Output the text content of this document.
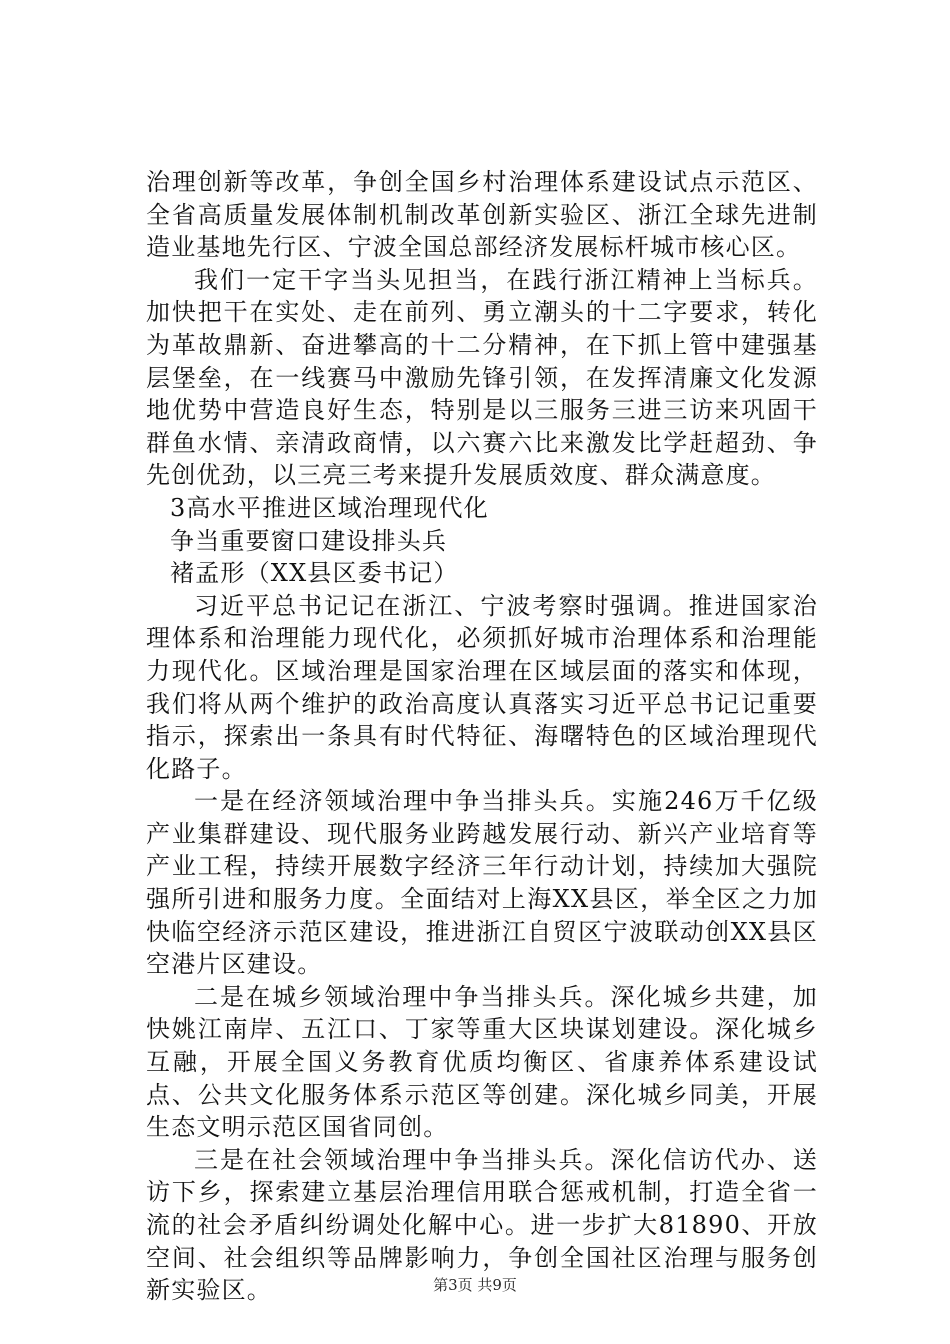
治理创新等改革，争创全国乡村治理体系建设试点示范区、全省高质量发展体制机制改革创新实验区、浙江全球先进制造业基地先行区、宁波全国总部经济发展标杆城市核心区。

我们一定干字当头见担当，在践行浙江精神上当标兵。加快把干在实处、走在前列、勇立潮头的十二字要求，转化为革故鼎新、奋进攀高的十二分精神，在下抓上管中建强基层堡垒，在一线赛马中激励先锋引领，在发挥清廉文化发源地优势中营造良好生态，特别是以三服务三进三访来巩固干群鱼水情、亲清政商情，以六赛六比来激发比学赶超劲、争先创优劲，以三亮三考来提升发展质效度、群众满意度。

3高水平推进区域治理现代化

争当重要窗口建设排头兵

褚孟形（XX县区委书记）

习近平总书记记在浙江、宁波考察时强调。推进国家治理体系和治理能力现代化，必须抓好城市治理体系和治理能力现代化。区域治理是国家治理在区域层面的落实和体现，我们将从两个维护的政治高度认真落实习近平总书记记重要指示，探索出一条具有时代特征、海曙特色的区域治理现代化路子。

一是在经济领域治理中争当排头兵。实施246万千亿级产业集群建设、现代服务业跨越发展行动、新兴产业培育等产业工程，持续开展数字经济三年行动计划，持续加大强院强所引进和服务力度。全面结对上海XX县区，举全区之力加快临空经济示范区建设，推进浙江自贸区宁波联动创XX县区空港片区建设。

二是在城乡领域治理中争当排头兵。深化城乡共建，加快姚江南岸、五江口、丁家等重大区块谋划建设。深化城乡互融，开展全国义务教育优质均衡区、省康养体系建设试点、公共文化服务体系示范区等创建。深化城乡同美，开展生态文明示范区国省同创。

三是在社会领域治理中争当排头兵。深化信访代办、送访下乡，探索建立基层治理信用联合惩戒机制，打造全省一流的社会矛盾纠纷调处化解中心。进一步扩大81890、开放空间、社会组织等品牌影响力，争创全国社区治理与服务创新实验区。	第3页 共9页
